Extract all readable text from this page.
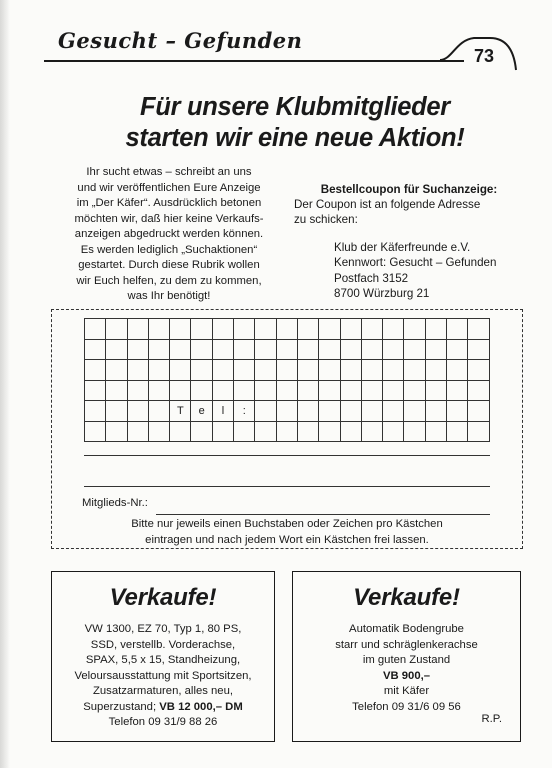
Gesucht – Gefunden
73
Für unsere Klubmitglieder
starten wir eine neue Aktion!
Ihr sucht etwas – schreibt an uns
und wir veröffentlichen Eure Anzeige
im „Der Käfer“. Ausdrücklich betonen
möchten wir, daß hier keine Verkaufs-
anzeigen abgedruckt werden können.
Es werden lediglich „Suchaktionen“
gestartet. Durch diese Rubrik wollen
wir Euch helfen, zu dem zu kommen,
was Ihr benötigt!
Bestellcoupon für Suchanzeige:
Der Coupon ist an folgende Adresse
zu schicken:
Klub der Käferfreunde e.V.
Kennwort: Gesucht – Gefunden
Postfach 3152
8700 Würzburg 21
T	e	l	:
Mitglieds-Nr.:
Bitte nur jeweils einen Buchstaben oder Zeichen pro Kästchen
eintragen und nach jedem Wort ein Kästchen frei lassen.
Verkaufe!
VW 1300, EZ 70, Typ 1, 80 PS,
SSD, verstellb. Vorderachse,
SPAX, 5,5 x 15, Standheizung,
Veloursausstattung mit Sportsitzen,
Zusatzarmaturen, alles neu,
Superzustand; VB 12 000,– DM
Telefon 09 31/9 88 26
Verkaufe!
Automatik Bodengrube
starr und schräglenkerachse
im guten Zustand
VB 900,–
mit Käfer
Telefon 09 31/6 09 56
R.P.
